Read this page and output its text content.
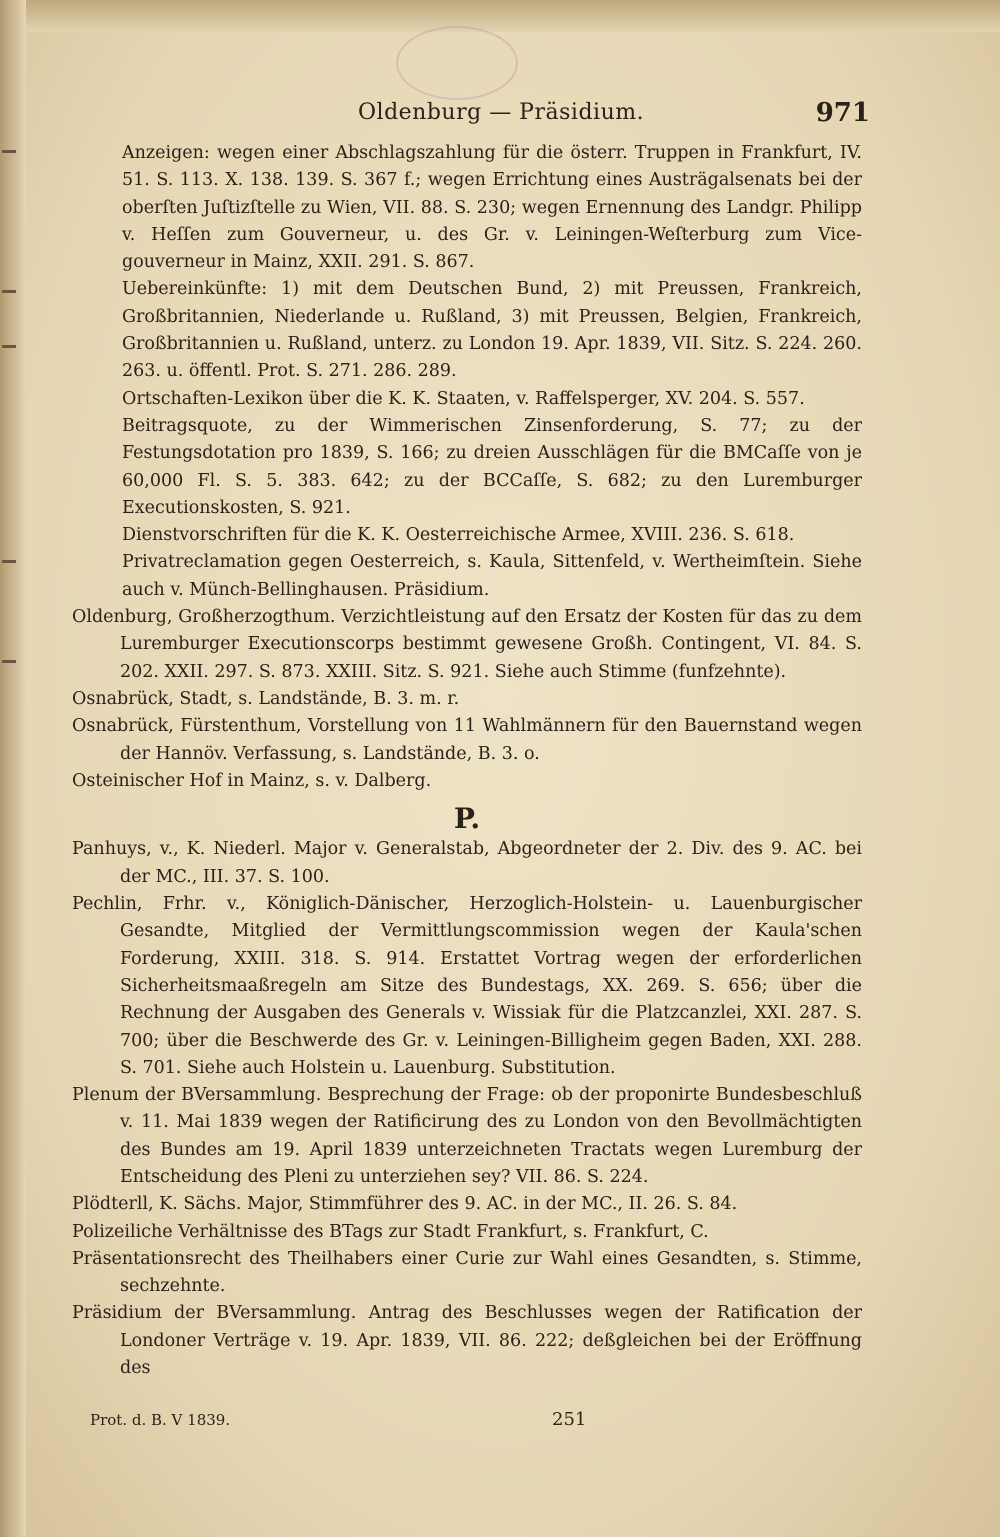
Oldenburg — Präsidium.	971

Anzeigen: wegen einer Abschlagszahlung für die österr. Truppen in Frankfurt, IV. 51. S. 113. X. 138. 139. S. 367 f.; wegen Errichtung eines Austrägalsenats bei der oberſten Juſtizſtelle zu Wien, VII. 88. S. 230; wegen Ernennung des Landgr. Philipp v. Heſſen zum Gouverneur, u. des Gr. v. Leiningen-Weſterburg zum Vice-gouverneur in Mainz, XXII. 291. S. 867.

Uebereinkünfte: 1) mit dem Deutschen Bund, 2) mit Preussen, Frankreich, Großbritannien, Niederlande u. Rußland, 3) mit Preussen, Belgien, Frankreich, Großbritannien u. Rußland, unterz. zu London 19. Apr. 1839, VII. Sitz. S. 224. 260. 263. u. öffentl. Prot. S. 271. 286. 289.

Ortschaften-Lexikon über die K. K. Staaten, v. Raffelsperger, XV. 204. S. 557.

Beitragsquote, zu der Wimmerischen Zinsenforderung, S. 77; zu der Festungsdotation pro 1839, S. 166; zu dreien Ausschlägen für die BMCaſſe von je 60,000 Fl. S. 5. 383. 642; zu der BCCaſſe, S. 682; zu den Luremburger Executionskosten, S. 921.

Dienstvorschriften für die K. K. Oesterreichische Armee, XVIII. 236. S. 618.

Privatreclamation gegen Oesterreich, s. Kaula, Sittenfeld, v. Wertheimſtein. Siehe auch v. Münch-Bellinghausen. Präsidium.

Oldenburg, Großherzogthum. Verzichtleistung auf den Ersatz der Kosten für das zu dem Luremburger Executionscorps bestimmt gewesene Großh. Contingent, VI. 84. S. 202. XXII. 297. S. 873. XXIII. Sitz. S. 921. Siehe auch Stimme (funfzehnte).

Osnabrück, Stadt, s. Landstände, B. 3. m. r.

Osnabrück, Fürstenthum, Vorstellung von 11 Wahlmännern für den Bauernstand wegen der Hannöv. Verfassung, s. Landstände, B. 3. o.

Osteinischer Hof in Mainz, s. v. Dalberg.

P.

Panhuys, v., K. Niederl. Major v. Generalstab, Abgeordneter der 2. Div. des 9. AC. bei der MC., III. 37. S. 100.

Pechlin, Frhr. v., Königlich-Dänischer, Herzoglich-Holstein- u. Lauenburgischer Gesandte, Mitglied der Vermittlungscommission wegen der Kaula'schen Forderung, XXIII. 318. S. 914. Erstattet Vortrag wegen der erforderlichen Sicherheitsmaaßregeln am Sitze des Bundestags, XX. 269. S. 656; über die Rechnung der Ausgaben des Generals v. Wissiak für die Platzcanzlei, XXI. 287. S. 700; über die Beschwerde des Gr. v. Leiningen-Billigheim gegen Baden, XXI. 288. S. 701. Siehe auch Holstein u. Lauenburg. Substitution.

Plenum der BVersammlung. Besprechung der Frage: ob der proponirte Bundesbeschluß v. 11. Mai 1839 wegen der Ratificirung des zu London von den Bevollmächtigten des Bundes am 19. April 1839 unterzeichneten Tractats wegen Luremburg der Entscheidung des Pleni zu unterziehen sey? VII. 86. S. 224.

Plödterll, K. Sächs. Major, Stimmführer des 9. AC. in der MC., II. 26. S. 84.

Polizeiliche Verhältnisse des BTags zur Stadt Frankfurt, s. Frankfurt, C.

Präsentationsrecht des Theilhabers einer Curie zur Wahl eines Gesandten, s. Stimme, sechzehnte.

Präsidium der BVersammlung. Antrag des Beschlusses wegen der Ratification der Londoner Verträge v. 19. Apr. 1839, VII. 86. 222; deßgleichen bei der Eröffnung des

Prot. d. B. V 1839.	251
